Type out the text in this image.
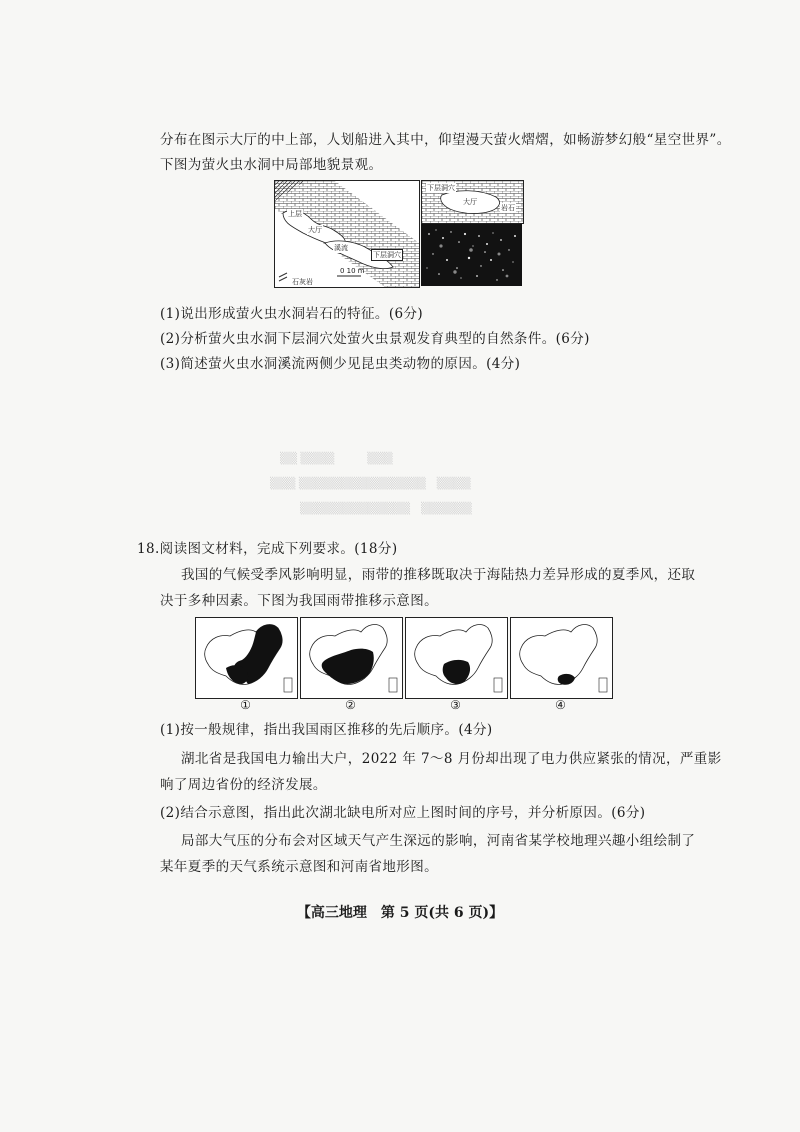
▒▒ ▒▒▒▒　　　▒▒▒
▒▒▒ ▒▒▒▒▒▒▒▒▒▒▒▒▒▒▒　▒▒▒▒
▒▒▒▒▒▒▒▒▒▒▒▒▒　▒▒▒▒▒▒
分布在图示大厅的中上部，人划船进入其中，仰望漫天萤火熠熠，如畅游梦幻般“星空世界”。
下图为萤火虫水洞中局部地貌景观。
上层
大厅
溪流
下层洞穴
石灰岩
0 10 m
下层洞穴
大厅
岩石
(1)说出形成萤火虫水洞岩石的特征。(6分)
(2)分析萤火虫水洞下层洞穴处萤火虫景观发育典型的自然条件。(6分)
(3)简述萤火虫水洞溪流两侧少见昆虫类动物的原因。(4分)
18.阅读图文材料，完成下列要求。(18分)
我国的气候受季风影响明显，雨带的推移既取决于海陆热力差异形成的夏季风，还取
决于多种因素。下图为我国雨带推移示意图。
①	②	③	④
(1)按一般规律，指出我国雨区推移的先后顺序。(4分)
湖北省是我国电力输出大户，2022 年 7～8 月份却出现了电力供应紧张的情况，严重影
响了周边省份的经济发展。
(2)结合示意图，指出此次湖北缺电所对应上图时间的序号，并分析原因。(6分)
局部大气压的分布会对区域天气产生深远的影响，河南省某学校地理兴趣小组绘制了
某年夏季的天气系统示意图和河南省地形图。
【高三地理　第 5 页(共 6 页)】
